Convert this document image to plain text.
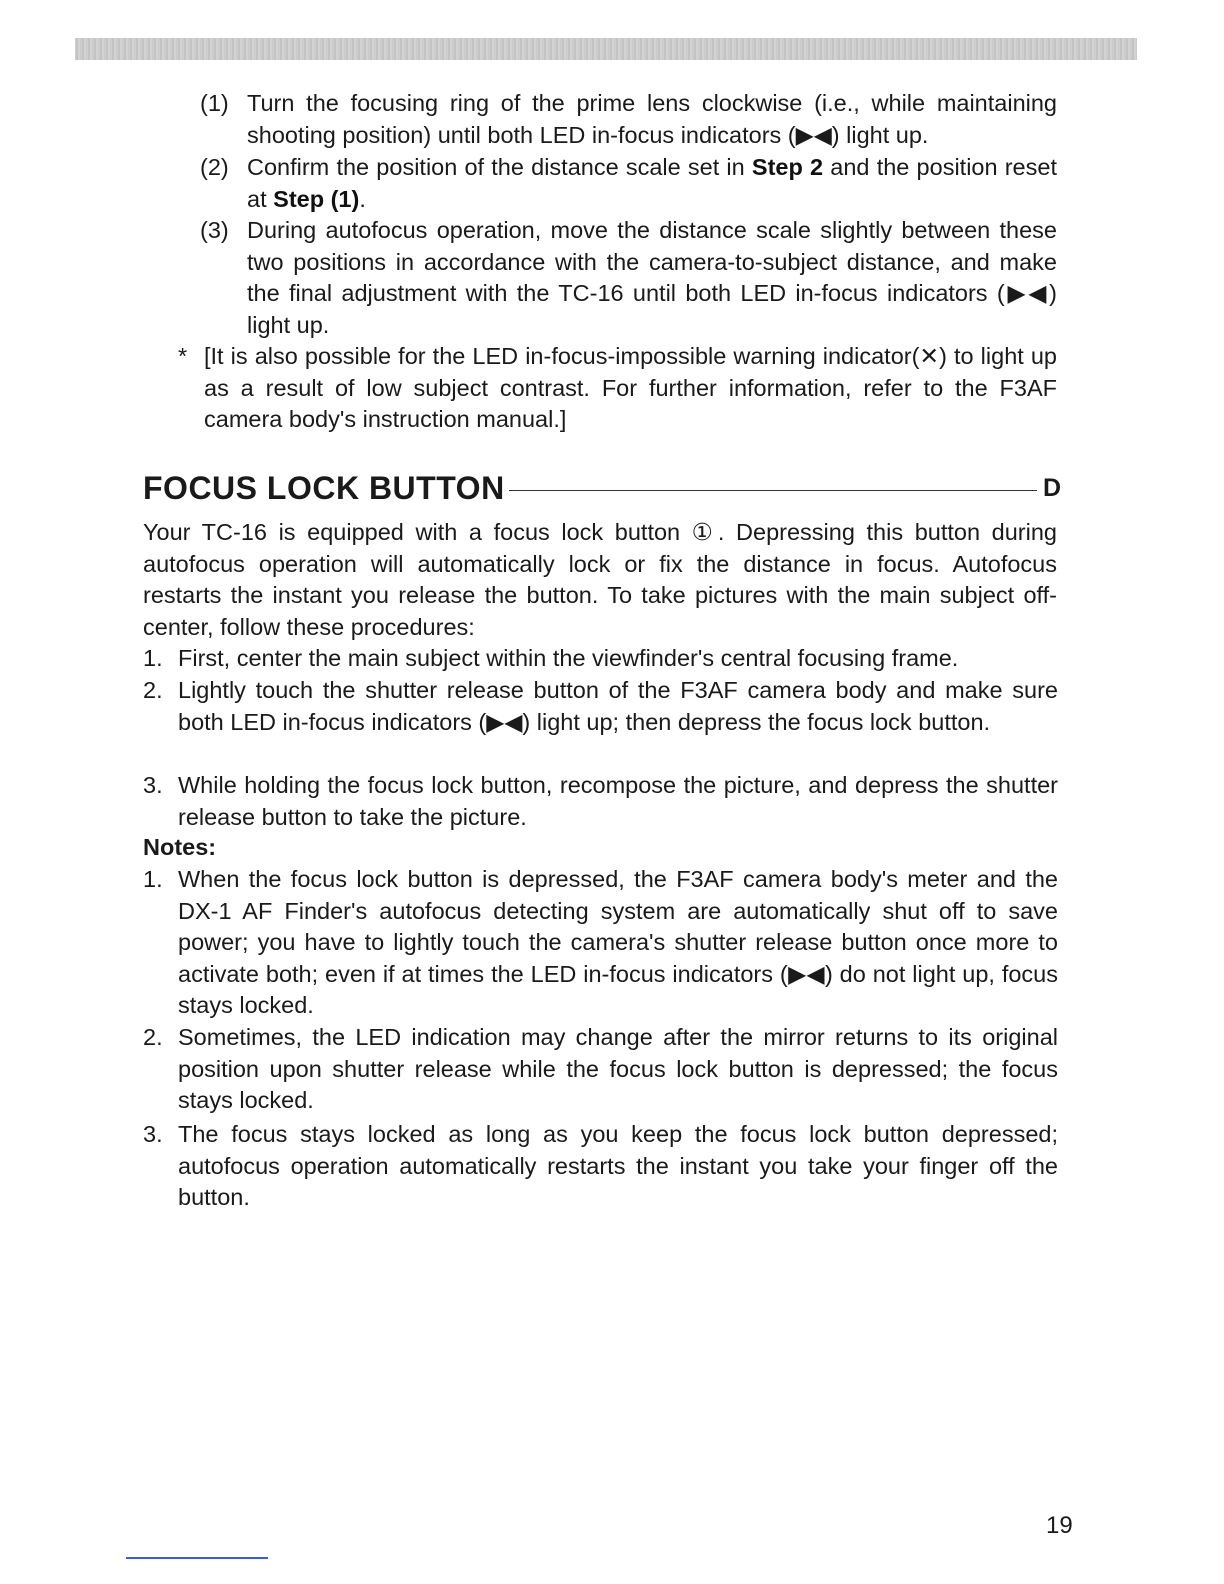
(1) Turn the focusing ring of the prime lens clockwise (i.e., while maintaining shooting position) until both LED in-focus indicators (▶◀) light up.

(2) Confirm the position of the distance scale set in Step 2 and the position reset at Step (1).

(3) During autofocus operation, move the distance scale slightly between these two positions in accordance with the camera-to-subject distance, and make the final adjustment with the TC-16 until both LED in-focus indicators (▶◀) light up.

* [It is also possible for the LED in-focus-impossible warning indicator(✕) to light up as a result of low subject contrast. For further information, refer to the F3AF camera body's instruction manual.]

FOCUS LOCK BUTTON	D

Your TC-16 is equipped with a focus lock button ①. Depressing this button during autofocus operation will automatically lock or fix the distance in focus. Autofocus restarts the instant you release the button. To take pictures with the main subject off-center, follow these procedures:

1. First, center the main subject within the viewfinder's central focusing frame.

2. Lightly touch the shutter release button of the F3AF camera body and make sure both LED in-focus indicators (▶◀) light up; then depress the focus lock button.

3. While holding the focus lock button, recompose the picture, and depress the shutter release button to take the picture.

Notes:
1. When the focus lock button is depressed, the F3AF camera body's meter and the DX-1 AF Finder's autofocus detecting system are automatically shut off to save power; you have to lightly touch the camera's shutter release button once more to activate both; even if at times the LED in-focus indicators (▶◀) do not light up, focus stays locked.

2. Sometimes, the LED indication may change after the mirror returns to its original position upon shutter release while the focus lock button is depressed; the focus stays locked.

3. The focus stays locked as long as you keep the focus lock button depressed; autofocus operation automatically restarts the instant you take your finger off the button.

19
